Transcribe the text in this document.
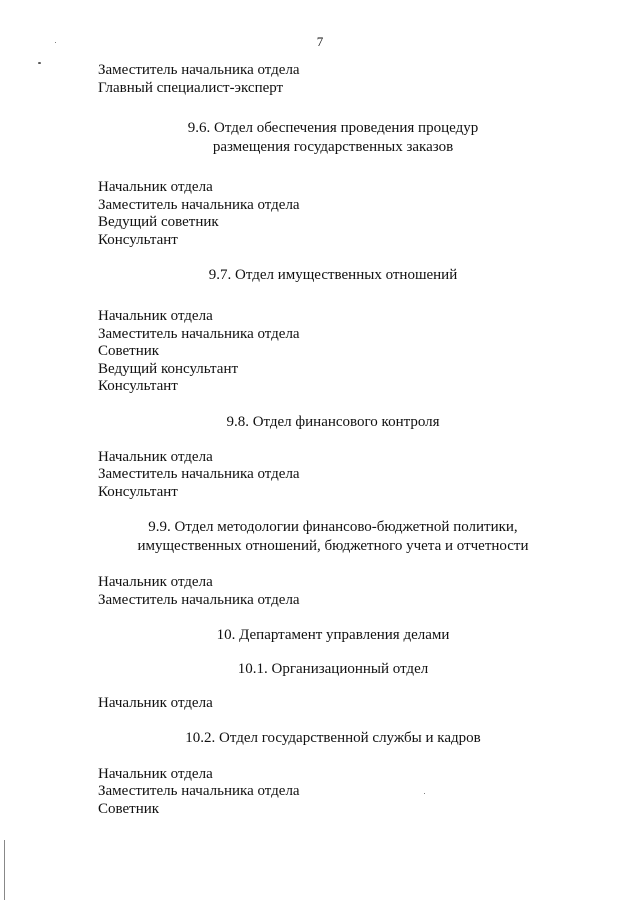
7
Заместитель начальника отдела
Главный специалист-эксперт
9.6. Отдел обеспечения проведения процедур
размещения государственных заказов
Начальник отдела
Заместитель начальника отдела
Ведущий советник
Консультант
9.7. Отдел имущественных отношений
Начальник отдела
Заместитель начальника отдела
Советник
Ведущий консультант
Консультант
9.8. Отдел финансового контроля
Начальник отдела
Заместитель начальника отдела
Консультант
9.9. Отдел методологии финансово-бюджетной политики,
имущественных отношений, бюджетного учета и отчетности
Начальник отдела
Заместитель начальника отдела
10. Департамент управления делами
10.1. Организационный отдел
Начальник отдела
10.2. Отдел государственной службы и кадров
Начальник отдела
Заместитель начальника отдела
Советник
